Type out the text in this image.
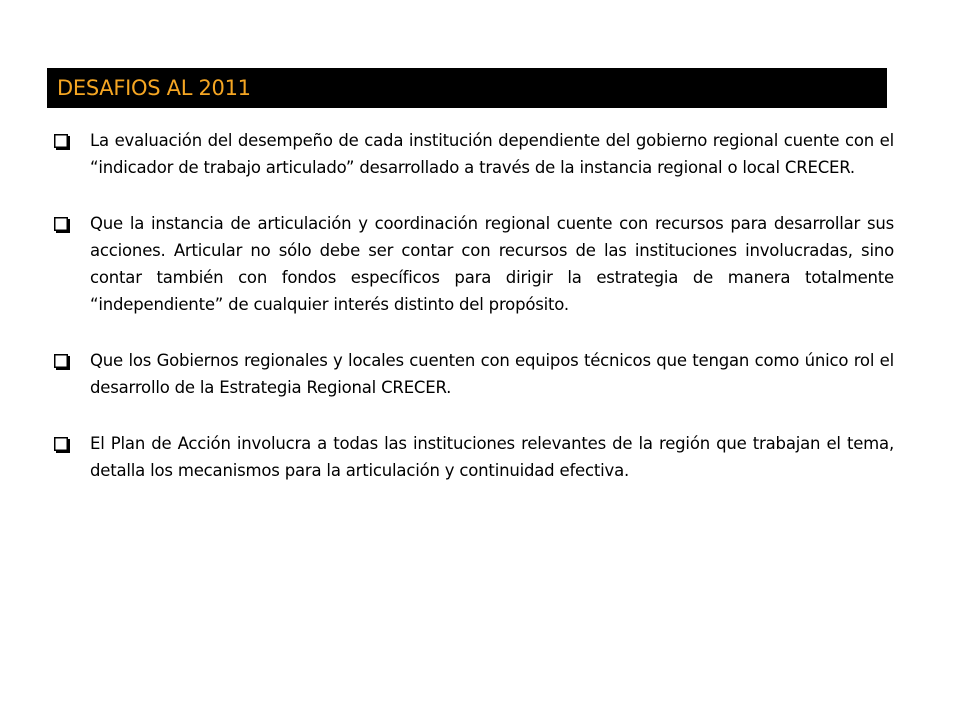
DESAFIOS AL 2011
La evaluación del desempeño de cada institución dependiente del gobierno regional cuente con el “indicador de trabajo articulado” desarrollado a través de la instancia regional o local CRECER.
Que la instancia de articulación y coordinación regional cuente con recursos para desarrollar sus acciones. Articular no sólo debe ser contar con recursos de las instituciones involucradas, sino contar también con fondos específicos para dirigir la estrategia de manera totalmente “independiente” de cualquier interés distinto del propósito.
Que los Gobiernos regionales y locales cuenten con equipos técnicos que tengan como único rol el desarrollo de la Estrategia Regional CRECER.
El Plan de Acción involucra a todas las instituciones relevantes de la región que trabajan el tema, detalla los mecanismos para la articulación y continuidad efectiva.
